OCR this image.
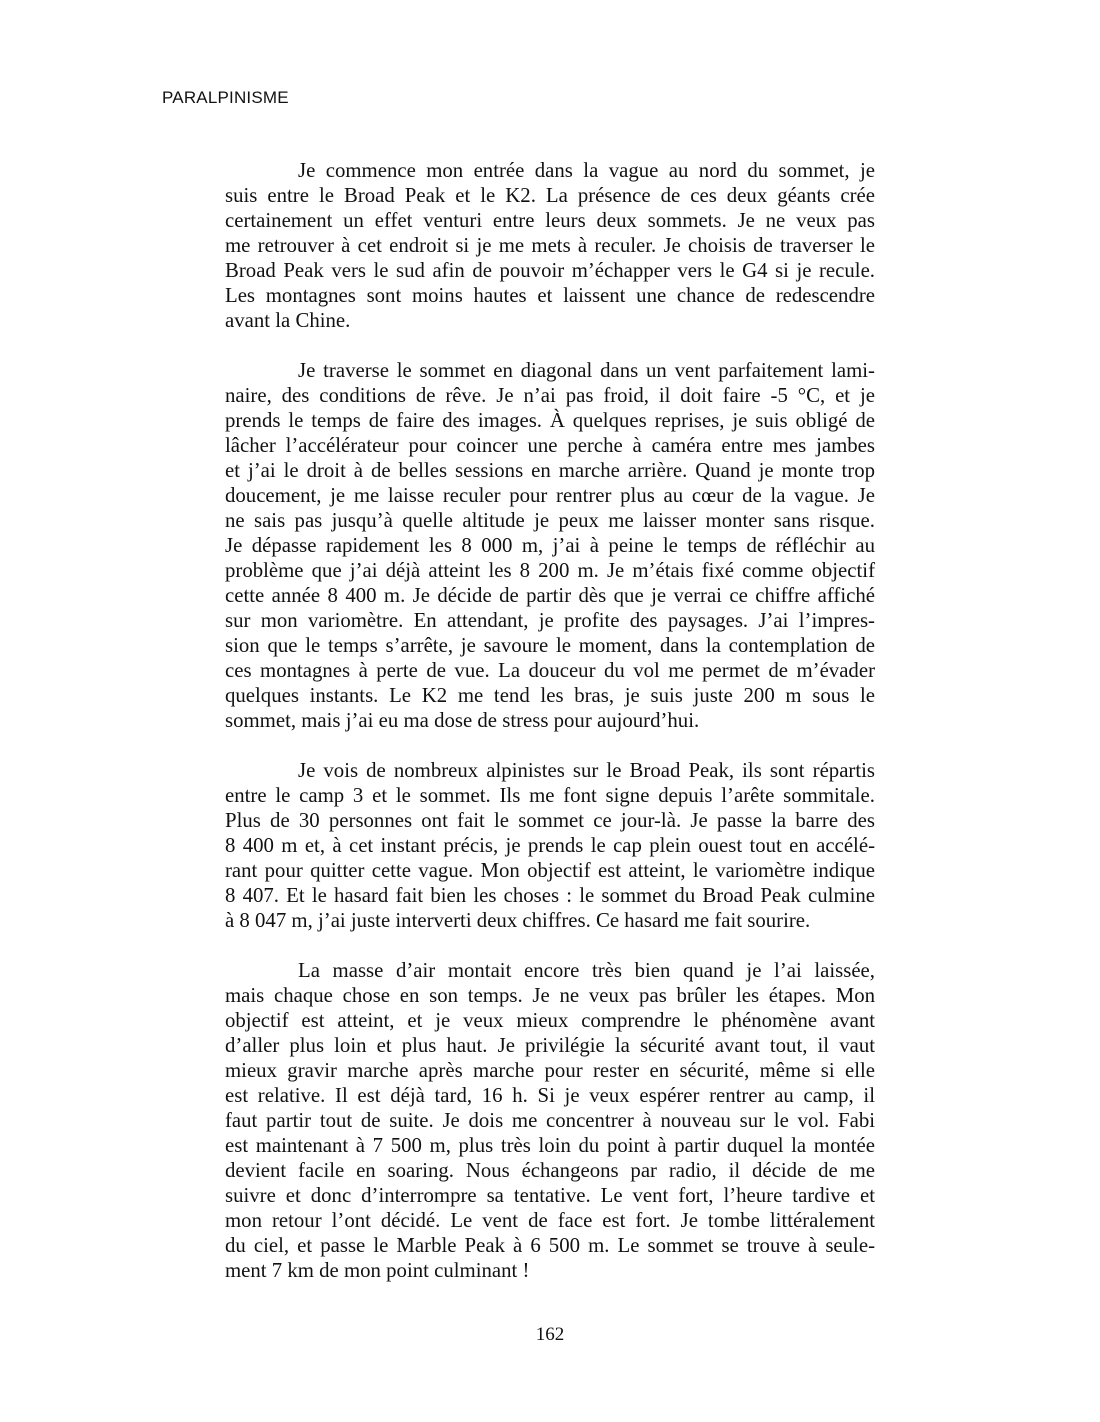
PARALPINISME
Je commence mon entrée dans la vague au nord du sommet, je
suis entre le Broad Peak et le K2. La présence de ces deux géants crée
certainement un effet venturi entre leurs deux sommets. Je ne veux pas
me retrouver à cet endroit si je me mets à reculer. Je choisis de traverser le
Broad Peak vers le sud afin de pouvoir m’échapper vers le G4 si je recule.
Les montagnes sont moins hautes et laissent une chance de redescendre
avant la Chine.
Je traverse le sommet en diagonal dans un vent parfaitement lami-
naire, des conditions de rêve. Je n’ai pas froid, il doit faire -5 °C, et je
prends le temps de faire des images. À quelques reprises, je suis obligé de
lâcher l’accélérateur pour coincer une perche à caméra entre mes jambes
et j’ai le droit à de belles sessions en marche arrière. Quand je monte trop
doucement, je me laisse reculer pour rentrer plus au cœur de la vague. Je
ne sais pas jusqu’à quelle altitude je peux me laisser monter sans risque.
Je dépasse rapidement les 8 000 m, j’ai à peine le temps de réfléchir au
problème que j’ai déjà atteint les 8 200 m. Je m’étais fixé comme objectif
cette année 8 400 m. Je décide de partir dès que je verrai ce chiffre affiché
sur mon variomètre. En attendant, je profite des paysages. J’ai l’impres-
sion que le temps s’arrête, je savoure le moment, dans la contemplation de
ces montagnes à perte de vue. La douceur du vol me permet de m’évader
quelques instants. Le K2 me tend les bras, je suis juste 200 m sous le
sommet, mais j’ai eu ma dose de stress pour aujourd’hui.
Je vois de nombreux alpinistes sur le Broad Peak, ils sont répartis
entre le camp 3 et le sommet. Ils me font signe depuis l’arête sommitale.
Plus de 30 personnes ont fait le sommet ce jour-là. Je passe la barre des
8 400 m et, à cet instant précis, je prends le cap plein ouest tout en accélé-
rant pour quitter cette vague. Mon objectif est atteint, le variomètre indique
8 407. Et le hasard fait bien les choses : le sommet du Broad Peak culmine
à 8 047 m, j’ai juste interverti deux chiffres. Ce hasard me fait sourire.
La masse d’air montait encore très bien quand je l’ai laissée,
mais chaque chose en son temps. Je ne veux pas brûler les étapes. Mon
objectif est atteint, et je veux mieux comprendre le phénomène avant
d’aller plus loin et plus haut. Je privilégie la sécurité avant tout, il vaut
mieux gravir marche après marche pour rester en sécurité, même si elle
est relative. Il est déjà tard, 16 h. Si je veux espérer rentrer au camp, il
faut partir tout de suite. Je dois me concentrer à nouveau sur le vol. Fabi
est maintenant à 7 500 m, plus très loin du point à partir duquel la montée
devient facile en soaring. Nous échangeons par radio, il décide de me
suivre et donc d’interrompre sa tentative. Le vent fort, l’heure tardive et
mon retour l’ont décidé. Le vent de face est fort. Je tombe littéralement
du ciel, et passe le Marble Peak à 6 500 m. Le sommet se trouve à seule-
ment 7 km de mon point culminant !
162
